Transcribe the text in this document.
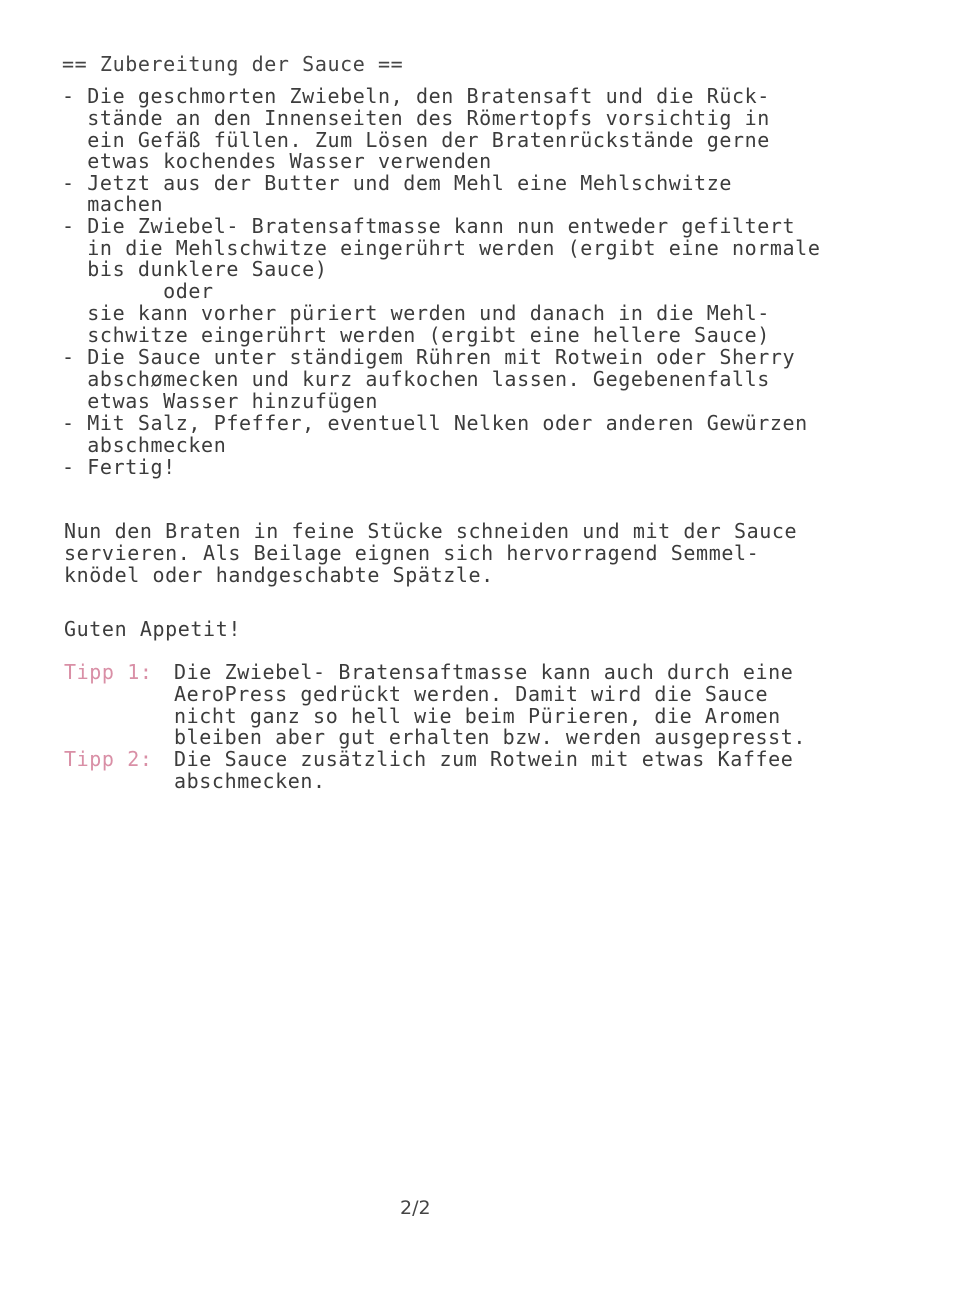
== Zubereitung der Sauce ==
- Die geschmorten Zwiebeln, den Bratensaft und die Rück-
stände an den Innenseiten des Römertopfs vorsichtig in
ein Gefäß füllen. Zum Lösen der Bratenrückstände gerne
etwas kochendes Wasser verwenden
- Jetzt aus der Butter und dem Mehl eine Mehlschwitze
machen
- Die Zwiebel- Bratensaftmasse kann nun entweder gefiltert
in die Mehlschwitze eingerührt werden (ergibt eine normale
bis dunklere Sauce)
oder
sie kann vorher püriert werden und danach in die Mehl-
schwitze eingerührt werden (ergibt eine hellere Sauce)
- Die Sauce unter ständigem Rühren mit Rotwein oder Sherry
abschømecken und kurz aufkochen lassen. Gegebenenfalls
etwas Wasser hinzufügen
- Mit Salz, Pfeffer, eventuell Nelken oder anderen Gewürzen
abschmecken
- Fertig!
Nun den Braten in feine Stücke schneiden und mit der Sauce
servieren. Als Beilage eignen sich hervorragend Semmel-
knödel oder handgeschabte Spätzle.
Guten Appetit!
Tipp 1: Die Zwiebel- Bratensaftmasse kann auch durch eine
AeroPress gedrückt werden. Damit wird die Sauce
nicht ganz so hell wie beim Pürieren, die Aromen
bleiben aber gut erhalten bzw. werden ausgepresst.
Tipp 2: Die Sauce zusätzlich zum Rotwein mit etwas Kaffee
abschmecken.
2/2
